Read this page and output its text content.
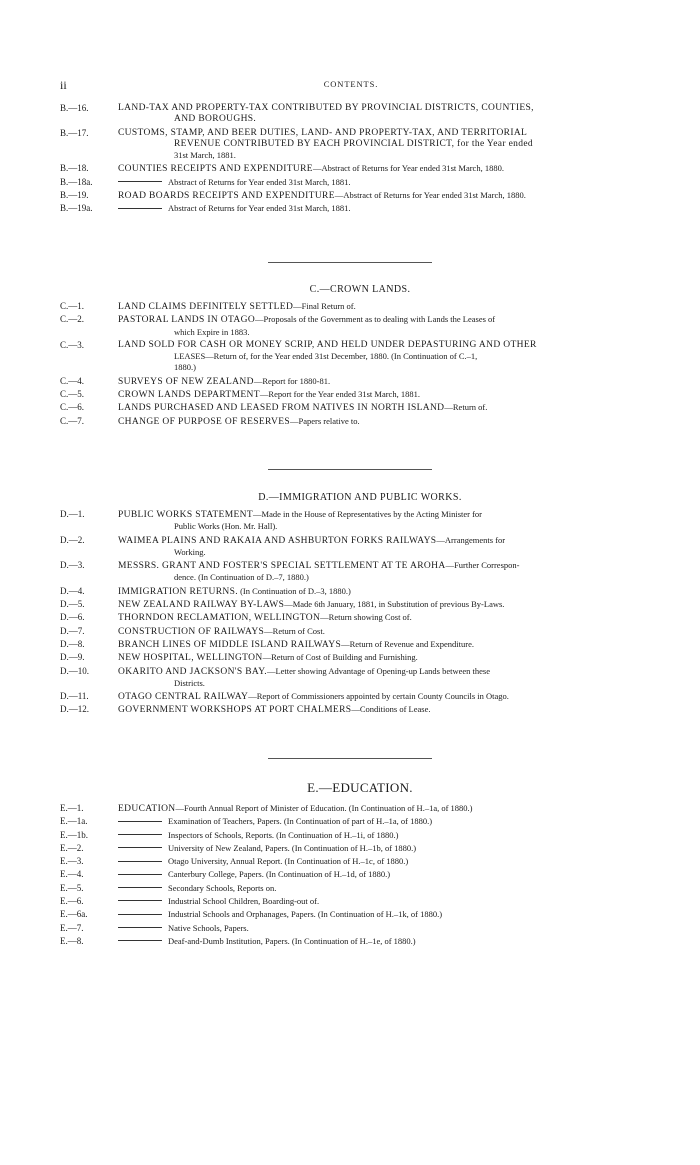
ii	CONTENTS.
B.—16.	LAND-TAX AND PROPERTY-TAX CONTRIBUTED BY PROVINCIAL DISTRICTS, COUNTIES,
AND BOROUGHS.
B.—17.	CUSTOMS, STAMP, AND BEER DUTIES, LAND- AND PROPERTY-TAX, AND TERRITORIAL
REVENUE CONTRIBUTED BY EACH PROVINCIAL DISTRICT, for the Year ended
31st March, 1881.
B.—18.	COUNTIES RECEIPTS AND EXPENDITURE—Abstract of Returns for Year ended 31st March, 1880.
B.—18a.	Abstract of Returns for Year ended 31st March, 1881.
B.—19.	ROAD BOARDS RECEIPTS AND EXPENDITURE—Abstract of Returns for Year ended 31st March, 1880.
B.—19a.	Abstract of Returns for Year ended 31st March, 1881.
C.—CROWN LANDS.
C.—1.	LAND CLAIMS DEFINITELY SETTLED—Final Return of.
C.—2.	PASTORAL LANDS IN OTAGO—Proposals of the Government as to dealing with Lands the Leases of
which Expire in 1883.
C.—3.	LAND SOLD FOR CASH OR MONEY SCRIP, AND HELD UNDER DEPASTURING AND OTHER
LEASES—Return of, for the Year ended 31st December, 1880. (In Continuation of C.–1,
1880.)
C.—4.	SURVEYS OF NEW ZEALAND—Report for 1880-81.
C.—5.	CROWN LANDS DEPARTMENT—Report for the Year ended 31st March, 1881.
C.—6.	LANDS PURCHASED AND LEASED FROM NATIVES IN NORTH ISLAND—Return of.
C.—7.	CHANGE OF PURPOSE OF RESERVES—Papers relative to.
D.—IMMIGRATION AND PUBLIC WORKS.
D.—1.	PUBLIC WORKS STATEMENT—Made in the House of Representatives by the Acting Minister for
Public Works (Hon. Mr. Hall).
D.—2.	WAIMEA PLAINS AND RAKAIA AND ASHBURTON FORKS RAILWAYS—Arrangements for
Working.
D.—3.	MESSRS. GRANT AND FOSTER'S SPECIAL SETTLEMENT AT TE AROHA—Further Correspon-
dence. (In Continuation of D.–7, 1880.)
D.—4.	IMMIGRATION RETURNS. (In Continuation of D.–3, 1880.)
D.—5.	NEW ZEALAND RAILWAY BY-LAWS—Made 6th January, 1881, in Substitution of previous By-Laws.
D.—6.	THORNDON RECLAMATION, WELLINGTON—Return showing Cost of.
D.—7.	CONSTRUCTION OF RAILWAYS—Return of Cost.
D.—8.	BRANCH LINES OF MIDDLE ISLAND RAILWAYS—Return of Revenue and Expenditure.
D.—9.	NEW HOSPITAL, WELLINGTON—Return of Cost of Building and Furnishing.
D.—10.	OKARITO AND JACKSON'S BAY.—Letter showing Advantage of Opening-up Lands between these
Districts.
D.—11.	OTAGO CENTRAL RAILWAY—Report of Commissioners appointed by certain County Councils in Otago.
D.—12.	GOVERNMENT WORKSHOPS AT PORT CHALMERS—Conditions of Lease.
E.—EDUCATION.
E.—1.	EDUCATION—Fourth Annual Report of Minister of Education. (In Continuation of H.–1a, of 1880.)
E.—1a.	Examination of Teachers, Papers. (In Continuation of part of H.–1a, of 1880.)
E.—1b.	Inspectors of Schools, Reports. (In Continuation of H.–1i, of 1880.)
E.—2.	University of New Zealand, Papers. (In Continuation of H.–1b, of 1880.)
E.—3.	Otago University, Annual Report. (In Continuation of H.–1c, of 1880.)
E.—4.	Canterbury College, Papers. (In Continuation of H.–1d, of 1880.)
E.—5.	Secondary Schools, Reports on.
E.—6.	Industrial School Children, Boarding-out of.
E.—6a.	Industrial Schools and Orphanages, Papers. (In Continuation of H.–1k, of 1880.)
E.—7.	Native Schools, Papers.
E.—8.	Deaf-and-Dumb Institution, Papers. (In Continuation of H.–1e, of 1880.)
